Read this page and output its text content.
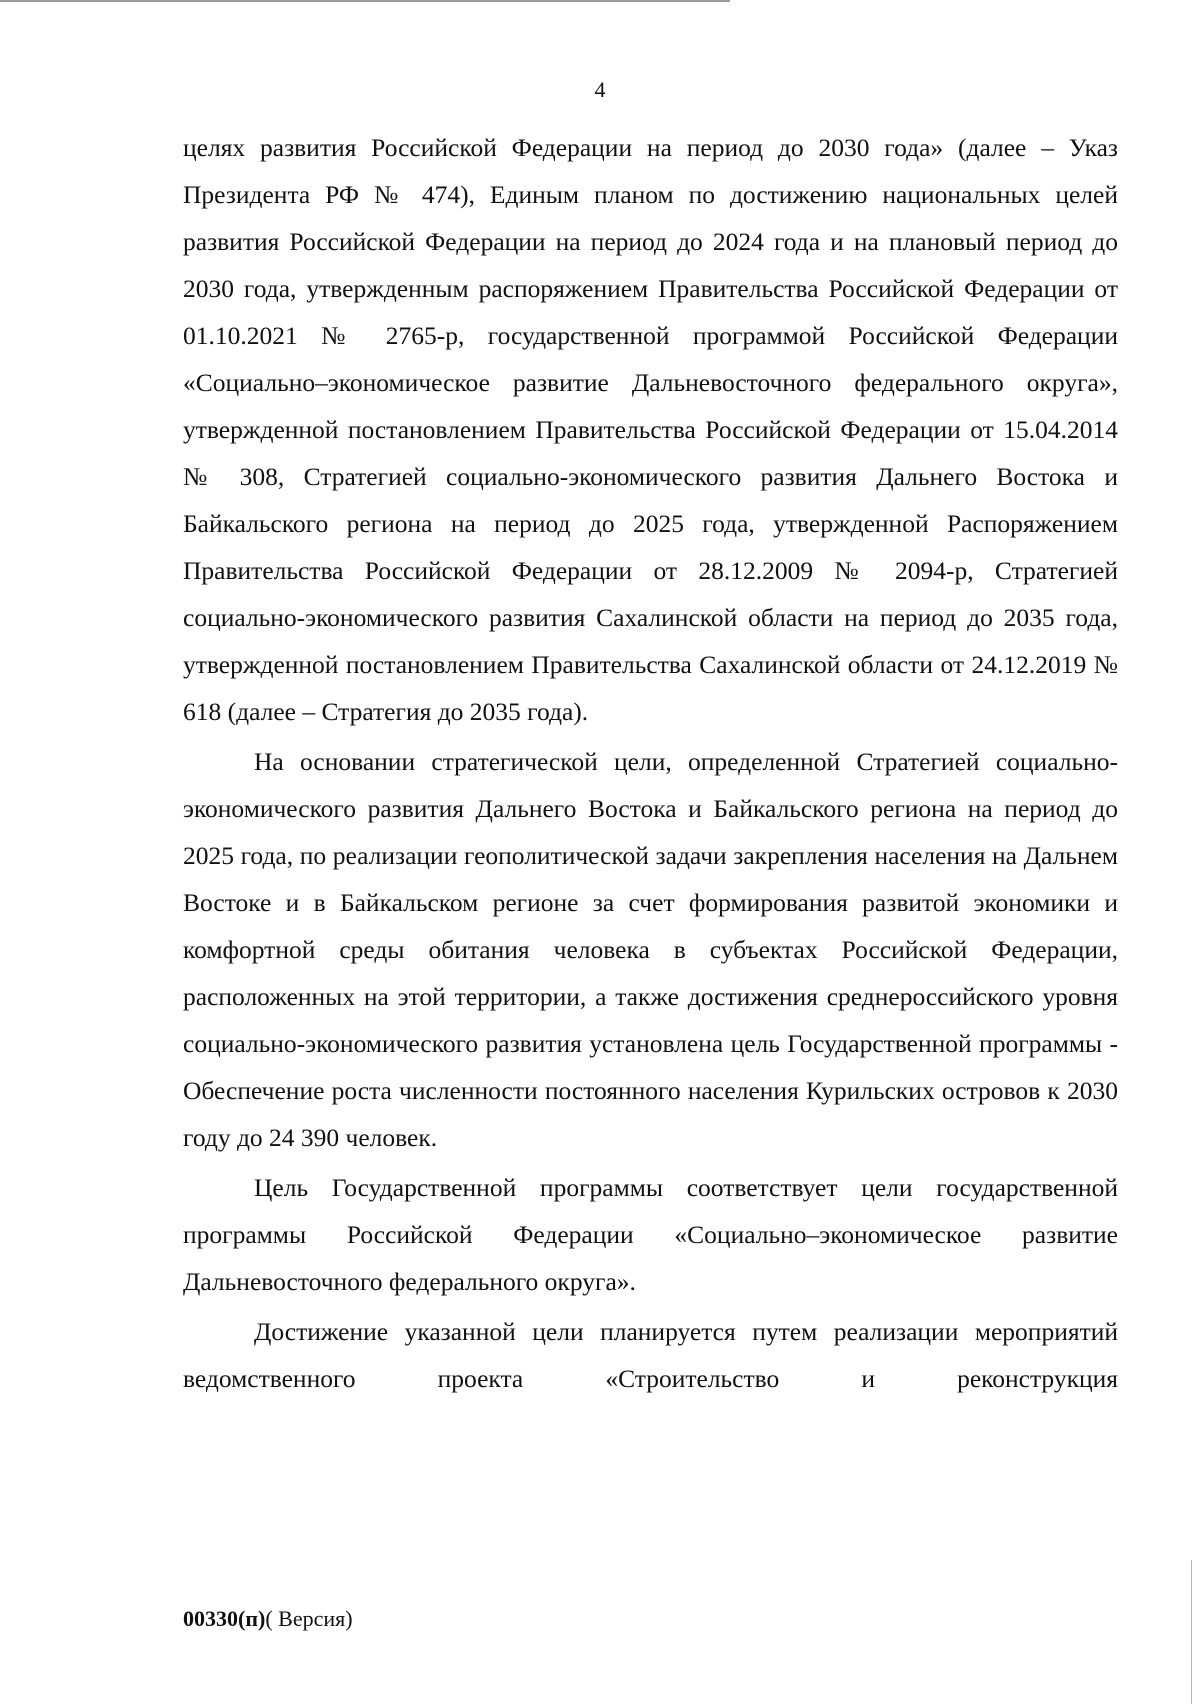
4

целях развития Российской Федерации на период до 2030 года» (далее – Указ Президента РФ № 474), Единым планом по достижению национальных целей развития Российской Федерации на период до 2024 года и на плановый период до 2030 года, утвержденным распоряжением Правительства Российской Федерации от 01.10.2021 № 2765-р, государственной программой Российской Федерации «Социально–экономическое развитие Дальневосточного федерального округа», утвержденной постановлением Правительства Российской Федерации от 15.04.2014 № 308, Стратегией социально-экономического развития Дальнего Востока и Байкальского региона на период до 2025 года, утвержденной Распоряжением Правительства Российской Федерации от 28.12.2009 № 2094-р, Стратегией социально-экономического развития Сахалинской области на период до 2035 года, утвержденной постановлением Правительства Сахалинской области от 24.12.2019 № 618 (далее – Стратегия до 2035 года).

На основании стратегической цели, определенной Стратегией социально-экономического развития Дальнего Востока и Байкальского региона на период до 2025 года, по реализации геополитической задачи закрепления населения на Дальнем Востоке и в Байкальском регионе за счет формирования развитой экономики и комфортной среды обитания человека в субъектах Российской Федерации, расположенных на этой территории, а также достижения среднероссийского уровня социально-экономического развития установлена цель Государственной программы - Обеспечение роста численности постоянного населения Курильских островов к 2030 году до 24 390 человек.

Цель Государственной программы соответствует цели государственной программы Российской Федерации «Социально–экономическое развитие Дальневосточного федерального округа».

Достижение указанной цели планируется путем реализации мероприятий ведомственного проекта «Строительство и реконструкция

00330(п)( Версия)
